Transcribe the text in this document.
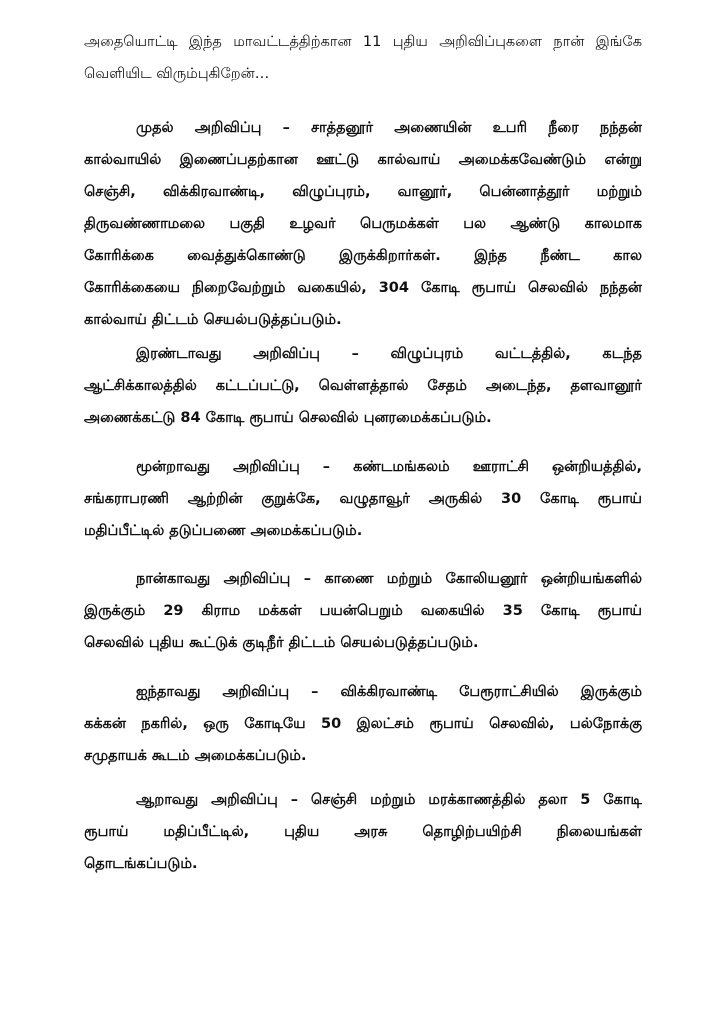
அதையொட்டி இந்த மாவட்டத்திற்கான 11 புதிய அறிவிப்புகளை நான் இங்கே
வெளியிட விரும்புகிறேன்…
முதல் அறிவிப்பு – சாத்தனூர் அணையின் உபரி நீரை நந்தன்
கால்வாயில் இணைப்பதற்கான ஊட்டு கால்வாய் அமைக்கவேண்டும் என்று
செஞ்சி, விக்கிரவாண்டி, விழுப்புரம், வானூர், பென்னாத்தூர் மற்றும்
திருவண்ணாமலை பகுதி உழவர் பெருமக்கள் பல ஆண்டு காலமாக
கோரிக்கை வைத்துக்கொண்டு இருக்கிறார்கள். இந்த நீண்ட கால
கோரிக்கையை நிறைவேற்றும் வகையில், 304 கோடி ரூபாய் செலவில் நந்தன்
கால்வாய் திட்டம் செயல்படுத்தப்படும்.
இரண்டாவது அறிவிப்பு – விழுப்புரம் வட்டத்தில், கடந்த
ஆட்சிக்காலத்தில் கட்டப்பட்டு, வெள்ளத்தால் சேதம் அடைந்த, தளவானூர்
அணைக்கட்டு 84 கோடி ரூபாய் செலவில் புனரமைக்கப்படும்.
மூன்றாவது அறிவிப்பு – கண்டமங்கலம் ஊராட்சி ஒன்றியத்தில்,
சங்கராபரணி ஆற்றின் குறுக்கே, வழுதாவூர் அருகில் 30 கோடி ரூபாய்
மதிப்பீட்டில் தடுப்பணை அமைக்கப்படும்.
நான்காவது அறிவிப்பு – காணை மற்றும் கோலியனூர் ஒன்றியங்களில்
இருக்கும் 29 கிராம மக்கள் பயன்பெறும் வகையில் 35 கோடி ரூபாய்
செலவில் புதிய கூட்டுக் குடிநீர் திட்டம் செயல்படுத்தப்படும்.
ஐந்தாவது அறிவிப்பு – விக்கிரவாண்டி பேரூராட்சியில் இருக்கும்
கக்கன் நகரில், ஒரு கோடியே 50 இலட்சம் ரூபாய் செலவில், பல்நோக்கு
சமுதாயக் கூடம் அமைக்கப்படும்.
ஆறாவது அறிவிப்பு – செஞ்சி மற்றும் மரக்காணத்தில் தலா 5 கோடி
ரூபாய் மதிப்பீட்டில், புதிய அரசு தொழிற்பயிற்சி நிலையங்கள்
தொடங்கப்படும்.
